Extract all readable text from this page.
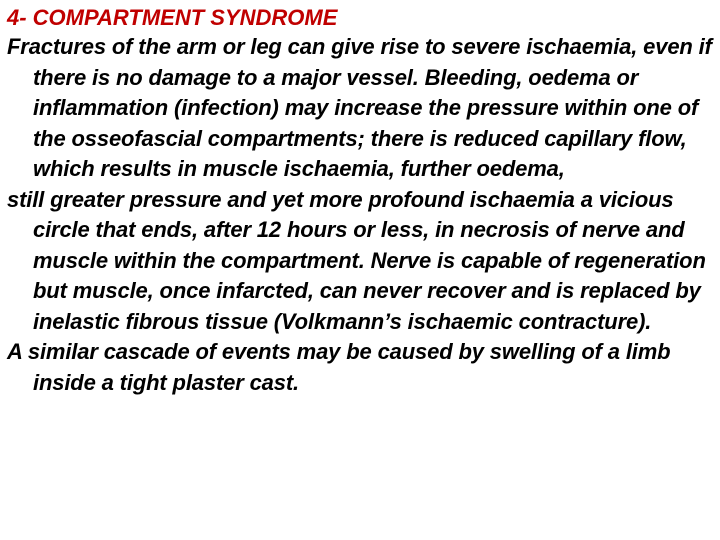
4- COMPARTMENT SYNDROME

Fractures of the arm or leg can give rise to severe ischaemia, even if there is no damage to a major vessel. Bleeding, oedema or inflammation (infection) may increase the pressure within one of the osseofascial compartments; there is reduced capillary flow, which results in muscle ischaemia, further oedema,

still greater pressure and yet more profound ischaemia a vicious circle that ends, after 12 hours or less, in necrosis of nerve and muscle within the compartment. Nerve is capable of regeneration but muscle, once infarcted, can never recover and is replaced by inelastic fibrous tissue (Volkmann’s ischaemic contracture).

A similar cascade of events may be caused by swelling of a limb inside a tight plaster cast.
